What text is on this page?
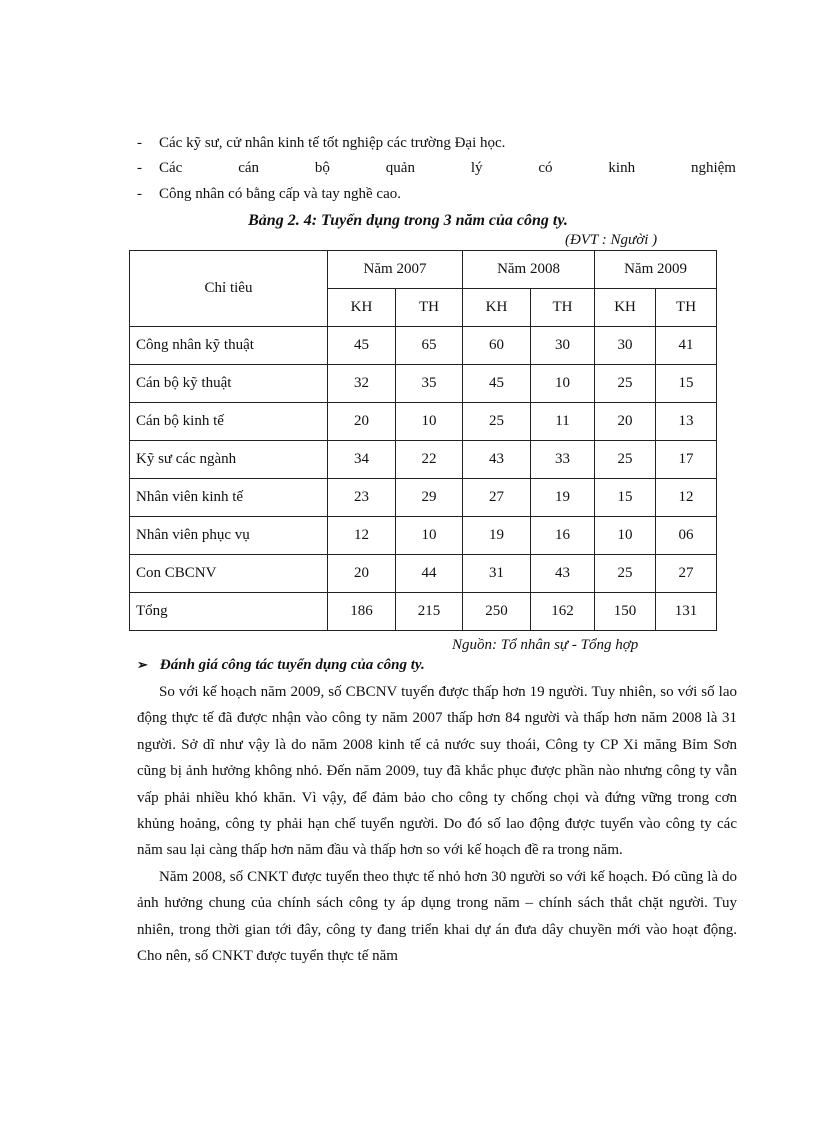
- Các kỹ sư, cử nhân kinh tế tốt nghiệp các trường Đại học.
- Các	cán	bộ	quản	lý	có	kinh	nghiệm
- Công nhân có bằng cấp và tay nghề cao.
Bảng 2. 4: Tuyển dụng trong 3 năm của công ty.
(ĐVT : Người )
Chỉ tiêu	Năm 2007		Năm 2008		Năm 2009	
	KH	TH	KH	TH	KH	TH
Công nhân kỹ thuật	45	65	60	30	30	41
Cán bộ kỹ thuật	32	35	45	10	25	15
Cán bộ kinh tế	20	10	25	11	20	13
Kỹ sư các ngành	34	22	43	33	25	17
Nhân viên kinh tế	23	29	27	19	15	12
Nhân viên phục vụ	12	10	19	16	10	06
Con CBCNV	20	44	31	43	25	27
Tổng	186	215	250	162	150	131
Nguồn: Tổ nhân sự - Tổng hợp
➢ Đánh giá công tác tuyển dụng của công ty.

So với kế hoạch năm 2009, số CBCNV tuyển được thấp hơn 19 người. Tuy nhiên, so với số lao động thực tế đã được nhận vào công ty năm 2007 thấp hơn 84 người và thấp hơn năm 2008 là 31 người. Sở dĩ như vậy là do năm 2008 kinh tế cả nước suy thoái, Công ty CP Xi măng Bỉm Sơn cũng bị ảnh hưởng không nhỏ. Đến năm 2009, tuy đã khắc phục được phần nào nhưng công ty vẫn vấp phải nhiều khó khăn. Vì vậy, để đảm bảo cho công ty chống chọi và đứng vững trong cơn khủng hoảng, công ty phải hạn chế tuyển người. Do đó số lao động được tuyển vào công ty các năm sau lại càng thấp hơn năm đầu và thấp hơn so với kế hoạch đề ra trong năm.

Năm 2008, số CNKT được tuyển theo thực tế nhỏ hơn 30 người so với kế hoạch. Đó cũng là do ảnh hưởng chung của chính sách công ty áp dụng trong năm – chính sách thắt chặt người. Tuy nhiên, trong thời gian tới đây, công ty đang triển khai dự án đưa dây chuyền mới vào hoạt động. Cho nên, số CNKT được tuyển thực tế năm
